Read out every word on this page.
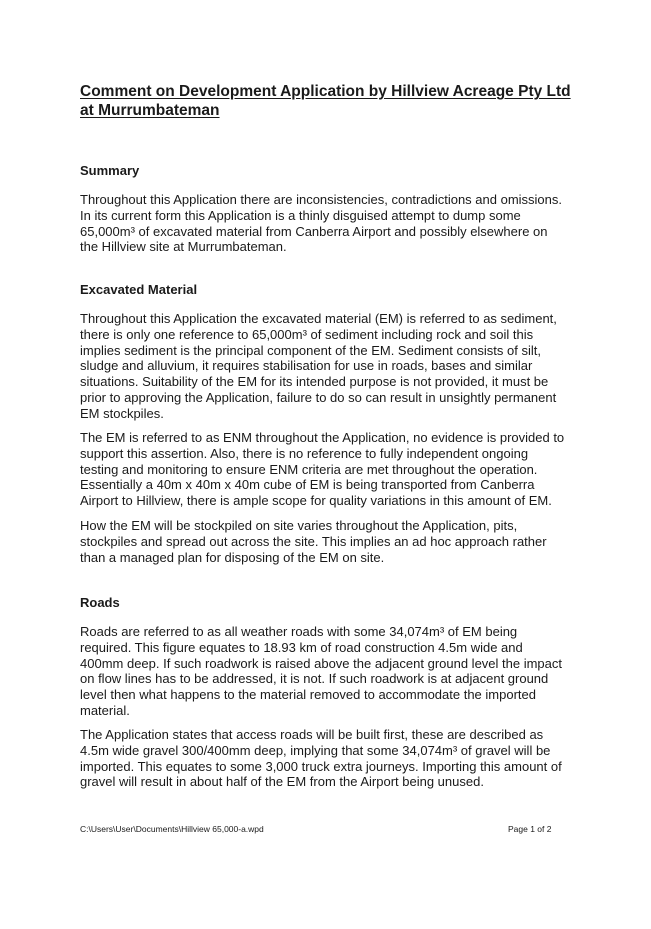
Comment on Development Application by Hillview Acreage Pty Ltd
at Murrumbateman
Summary

Throughout this Application there are inconsistencies, contradictions and omissions.
In its current form this Application is a thinly disguised attempt to dump some
65,000m³ of excavated material from Canberra Airport and possibly elsewhere on
the Hillview site at Murrumbateman.

Excavated Material

Throughout this Application the excavated material (EM) is referred to as sediment,
there is only one reference to 65,000m³ of sediment including rock and soil this
implies sediment is the principal component of the EM. Sediment consists of silt,
sludge and alluvium, it requires stabilisation for use in roads, bases and similar
situations. Suitability of the EM for its intended purpose is not provided, it must be
prior to approving the Application, failure to do so can result in unsightly permanent
EM stockpiles.

The EM is referred to as ENM throughout the Application, no evidence is provided to
support this assertion. Also, there is no reference to fully independent ongoing
testing and monitoring to ensure ENM criteria are met throughout the operation.
Essentially a 40m x 40m x 40m cube of EM is being transported from Canberra
Airport to Hillview, there is ample scope for quality variations in this amount of EM.

How the EM will be stockpiled on site varies throughout the Application, pits,
stockpiles and spread out across the site. This implies an ad hoc approach rather
than a managed plan for disposing of the EM on site.

Roads

Roads are referred to as all weather roads with some 34,074m³ of EM being
required. This figure equates to 18.93 km of road construction 4.5m wide and
400mm deep. If such roadwork is raised above the adjacent ground level the impact
on flow lines has to be addressed, it is not. If such roadwork is at adjacent ground
level then what happens to the material removed to accommodate the imported
material.

The Application states that access roads will be built first, these are described as
4.5m wide gravel 300/400mm deep, implying that some 34,074m³ of gravel will be
imported. This equates to some 3,000 truck extra journeys. Importing this amount of
gravel will result in about half of the EM from the Airport being unused.

C:\Users\User\Documents\Hillview 65,000-a.wpd	Page 1 of 2
